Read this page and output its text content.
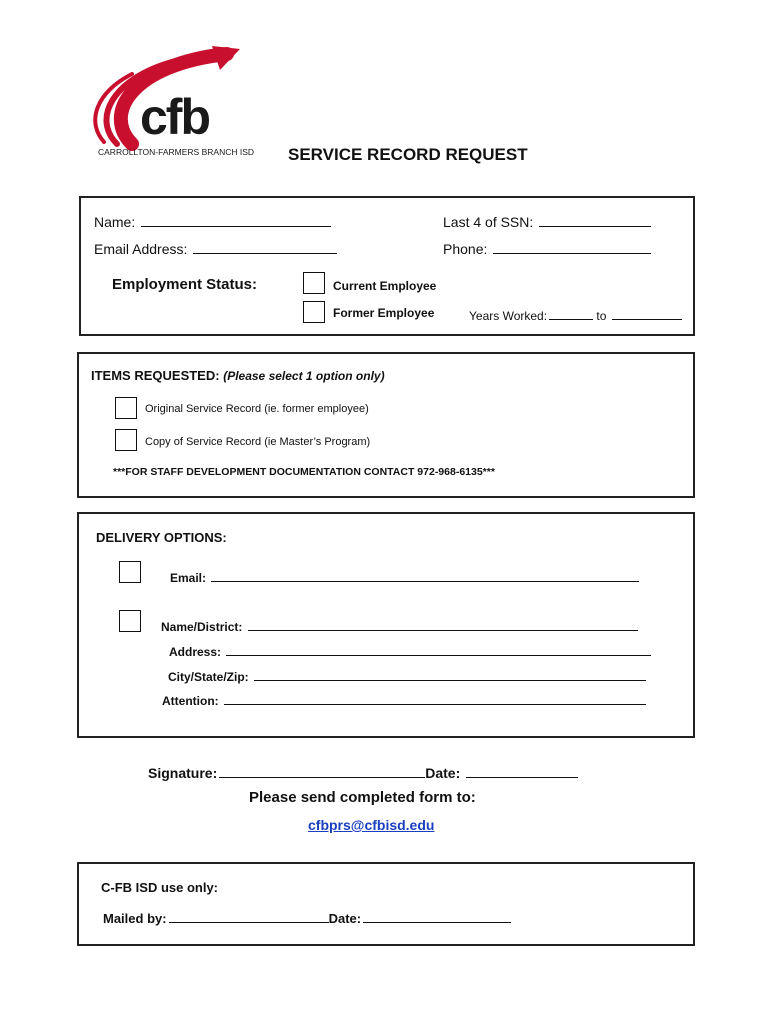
cfb
CARROLLTON-FARMERS BRANCH ISD SERVICE RECORD REQUEST
Name:	Last 4 of SSN:
Email Address:	Phone:
Employment Status:	Current Employee
Former Employee	Years Worked:	to
ITEMS REQUESTED: (Please select 1 option only)
Original Service Record (ie. former employee)
Copy of Service Record (ie Master’s Program)
***FOR STAFF DEVELOPMENT DOCUMENTATION CONTACT 972-968-6135***
DELIVERY OPTIONS:
Email:
Name/District:
Address:
City/State/Zip:
Attention:
Signature:	Date:
Please send completed form to:
cfbprs@cfbisd.edu
C-FB ISD use only:
Mailed by:	Date:
